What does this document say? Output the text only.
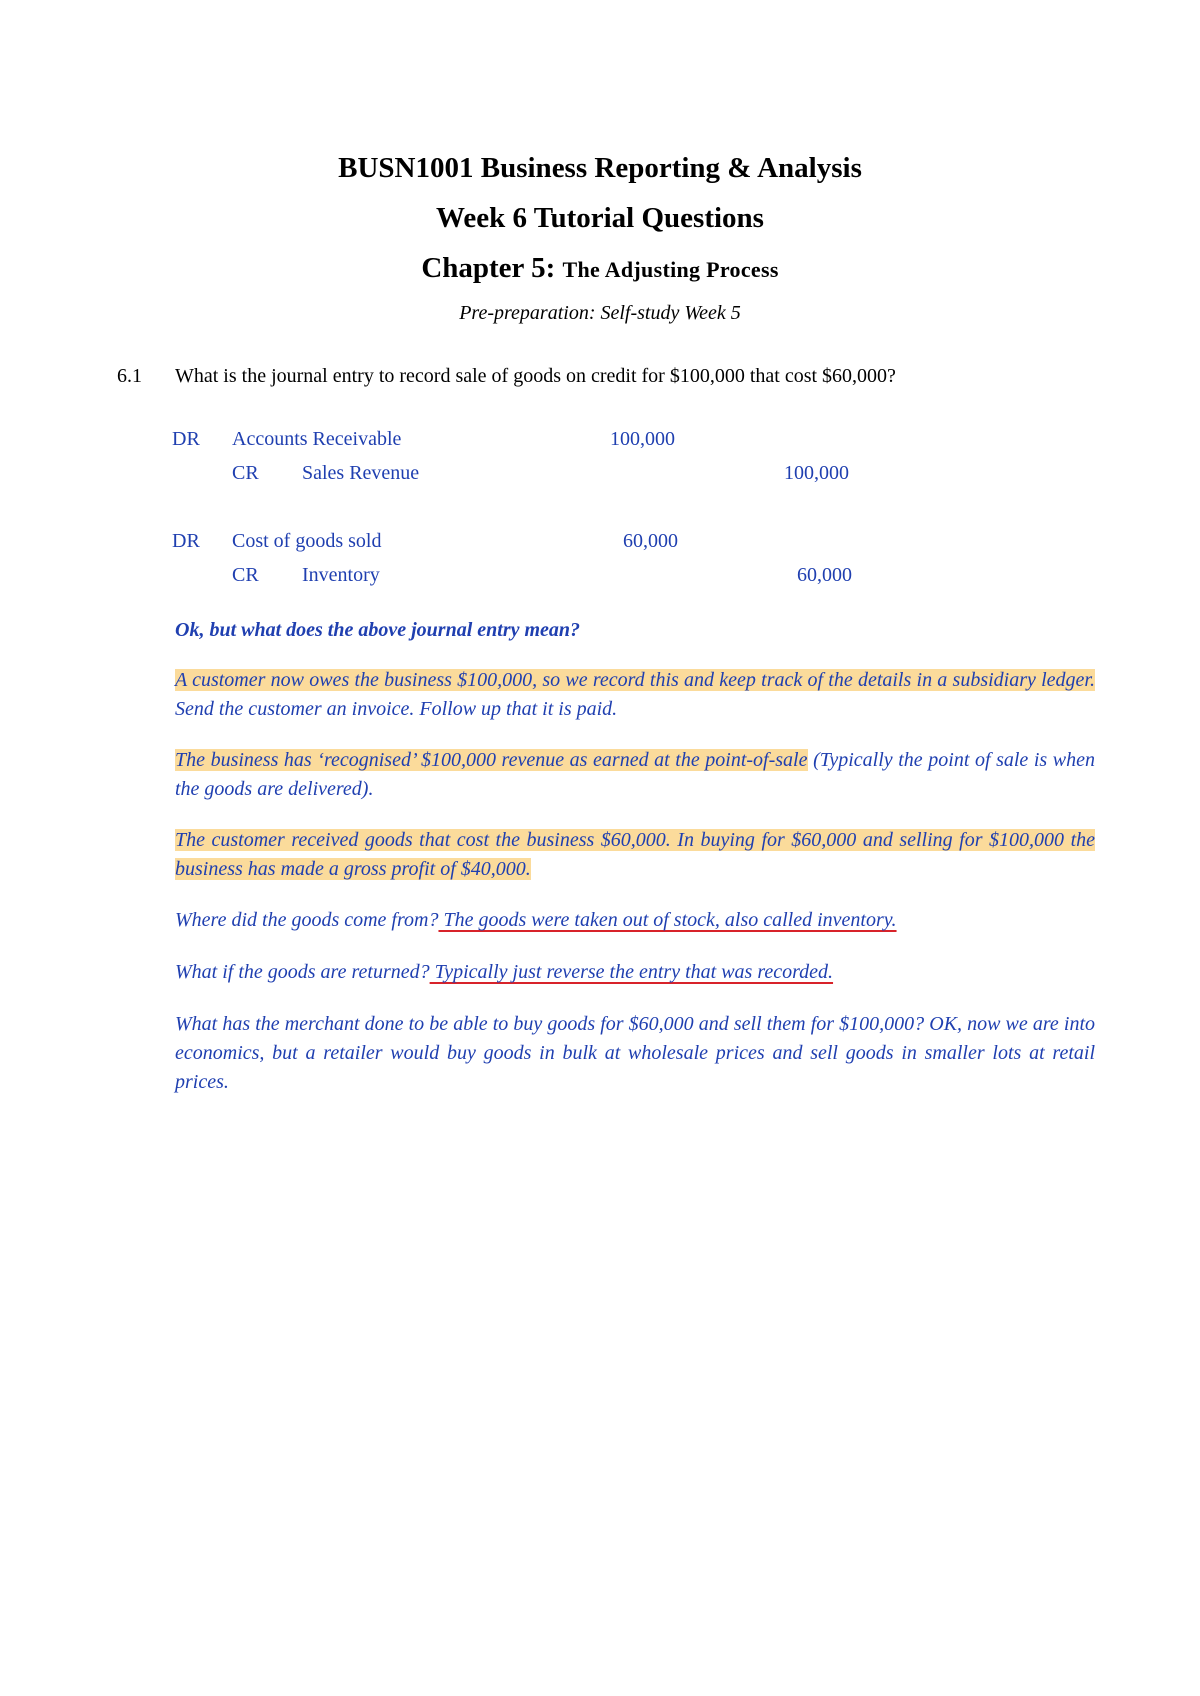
BUSN1001 Business Reporting & Analysis
Week 6 Tutorial Questions
Chapter 5: The Adjusting Process
Pre-preparation: Self-study Week 5
6.1 What is the journal entry to record sale of goods on credit for $100,000 that cost $60,000?
DR Accounts Receivable	100,000
CR Sales Revenue	100,000
DR Cost of goods sold	60,000
CR Inventory	60,000
Ok, but what does the above journal entry mean?
A customer now owes the business $100,000, so we record this and keep track of the details in a subsidiary ledger. Send the customer an invoice. Follow up that it is paid.
The business has ‘recognised’ $100,000 revenue as earned at the point-of-sale (Typically the point of sale is when the goods are delivered).
The customer received goods that cost the business $60,000. In buying for $60,000 and selling for $100,000 the business has made a gross profit of $40,000.
Where did the goods come from? The goods were taken out of stock, also called inventory.
What if the goods are returned? Typically just reverse the entry that was recorded.
What has the merchant done to be able to buy goods for $60,000 and sell them for $100,000? OK, now we are into economics, but a retailer would buy goods in bulk at wholesale prices and sell goods in smaller lots at retail prices.
